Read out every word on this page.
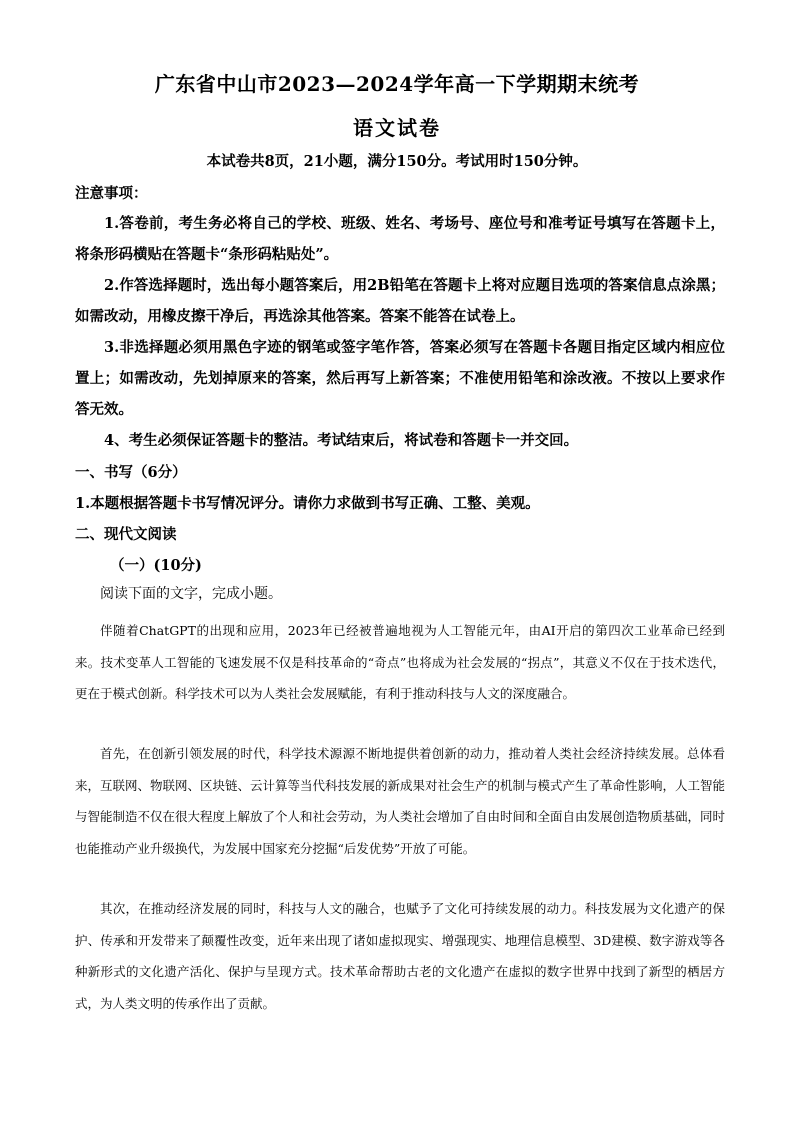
广东省中山市2023—2024学年高一下学期期末统考
语文试卷
本试卷共8页，21小题，满分150分。考试用时150分钟。
注意事项：
1.答卷前，考生务必将自己的学校、班级、姓名、考场号、座位号和准考证号填写在答题卡上，将条形码横贴在答题卡“条形码粘贴处”。
2.作答选择题时，选出每小题答案后，用2B铅笔在答题卡上将对应题目选项的答案信息点涂黑；如需改动，用橡皮擦干净后，再选涂其他答案。答案不能答在试卷上。
3.非选择题必须用黑色字迹的钢笔或签字笔作答，答案必须写在答题卡各题目指定区域内相应位置上；如需改动，先划掉原来的答案，然后再写上新答案；不准使用铅笔和涂改液。不按以上要求作答无效。
4、考生必须保证答题卡的整洁。考试结束后，将试卷和答题卡一并交回。
一、书写（6分）
1.本题根据答题卡书写情况评分。请你力求做到书写正确、工整、美观。
二、现代文阅读
（一）(10分)
阅读下面的文字，完成小题。
伴随着ChatGPT的出现和应用，2023年已经被普遍地视为人工智能元年，由AI开启的第四次工业革命已经到来。技术变革人工智能的飞速发展不仅是科技革命的“奇点”也将成为社会发展的“拐点”，其意义不仅在于技术迭代，更在于模式创新。科学技术可以为人类社会发展赋能，有利于推动科技与人文的深度融合。
首先，在创新引领发展的时代，科学技术源源不断地提供着创新的动力，推动着人类社会经济持续发展。总体看来，互联网、物联网、区块链、云计算等当代科技发展的新成果对社会生产的机制与模式产生了革命性影响，人工智能与智能制造不仅在很大程度上解放了个人和社会劳动，为人类社会增加了自由时间和全面自由发展创造物质基础，同时也能推动产业升级换代，为发展中国家充分挖掘“后发优势”开放了可能。
其次，在推动经济发展的同时，科技与人文的融合，也赋予了文化可持续发展的动力。科技发展为文化遗产的保护、传承和开发带来了颠覆性改变，近年来出现了诸如虚拟现实、增强现实、地理信息模型、3D建模、数字游戏等各种新形式的文化遗产活化、保护与呈现方式。技术革命帮助古老的文化遗产在虚拟的数字世界中找到了新型的栖居方式，为人类文明的传承作出了贡献。
